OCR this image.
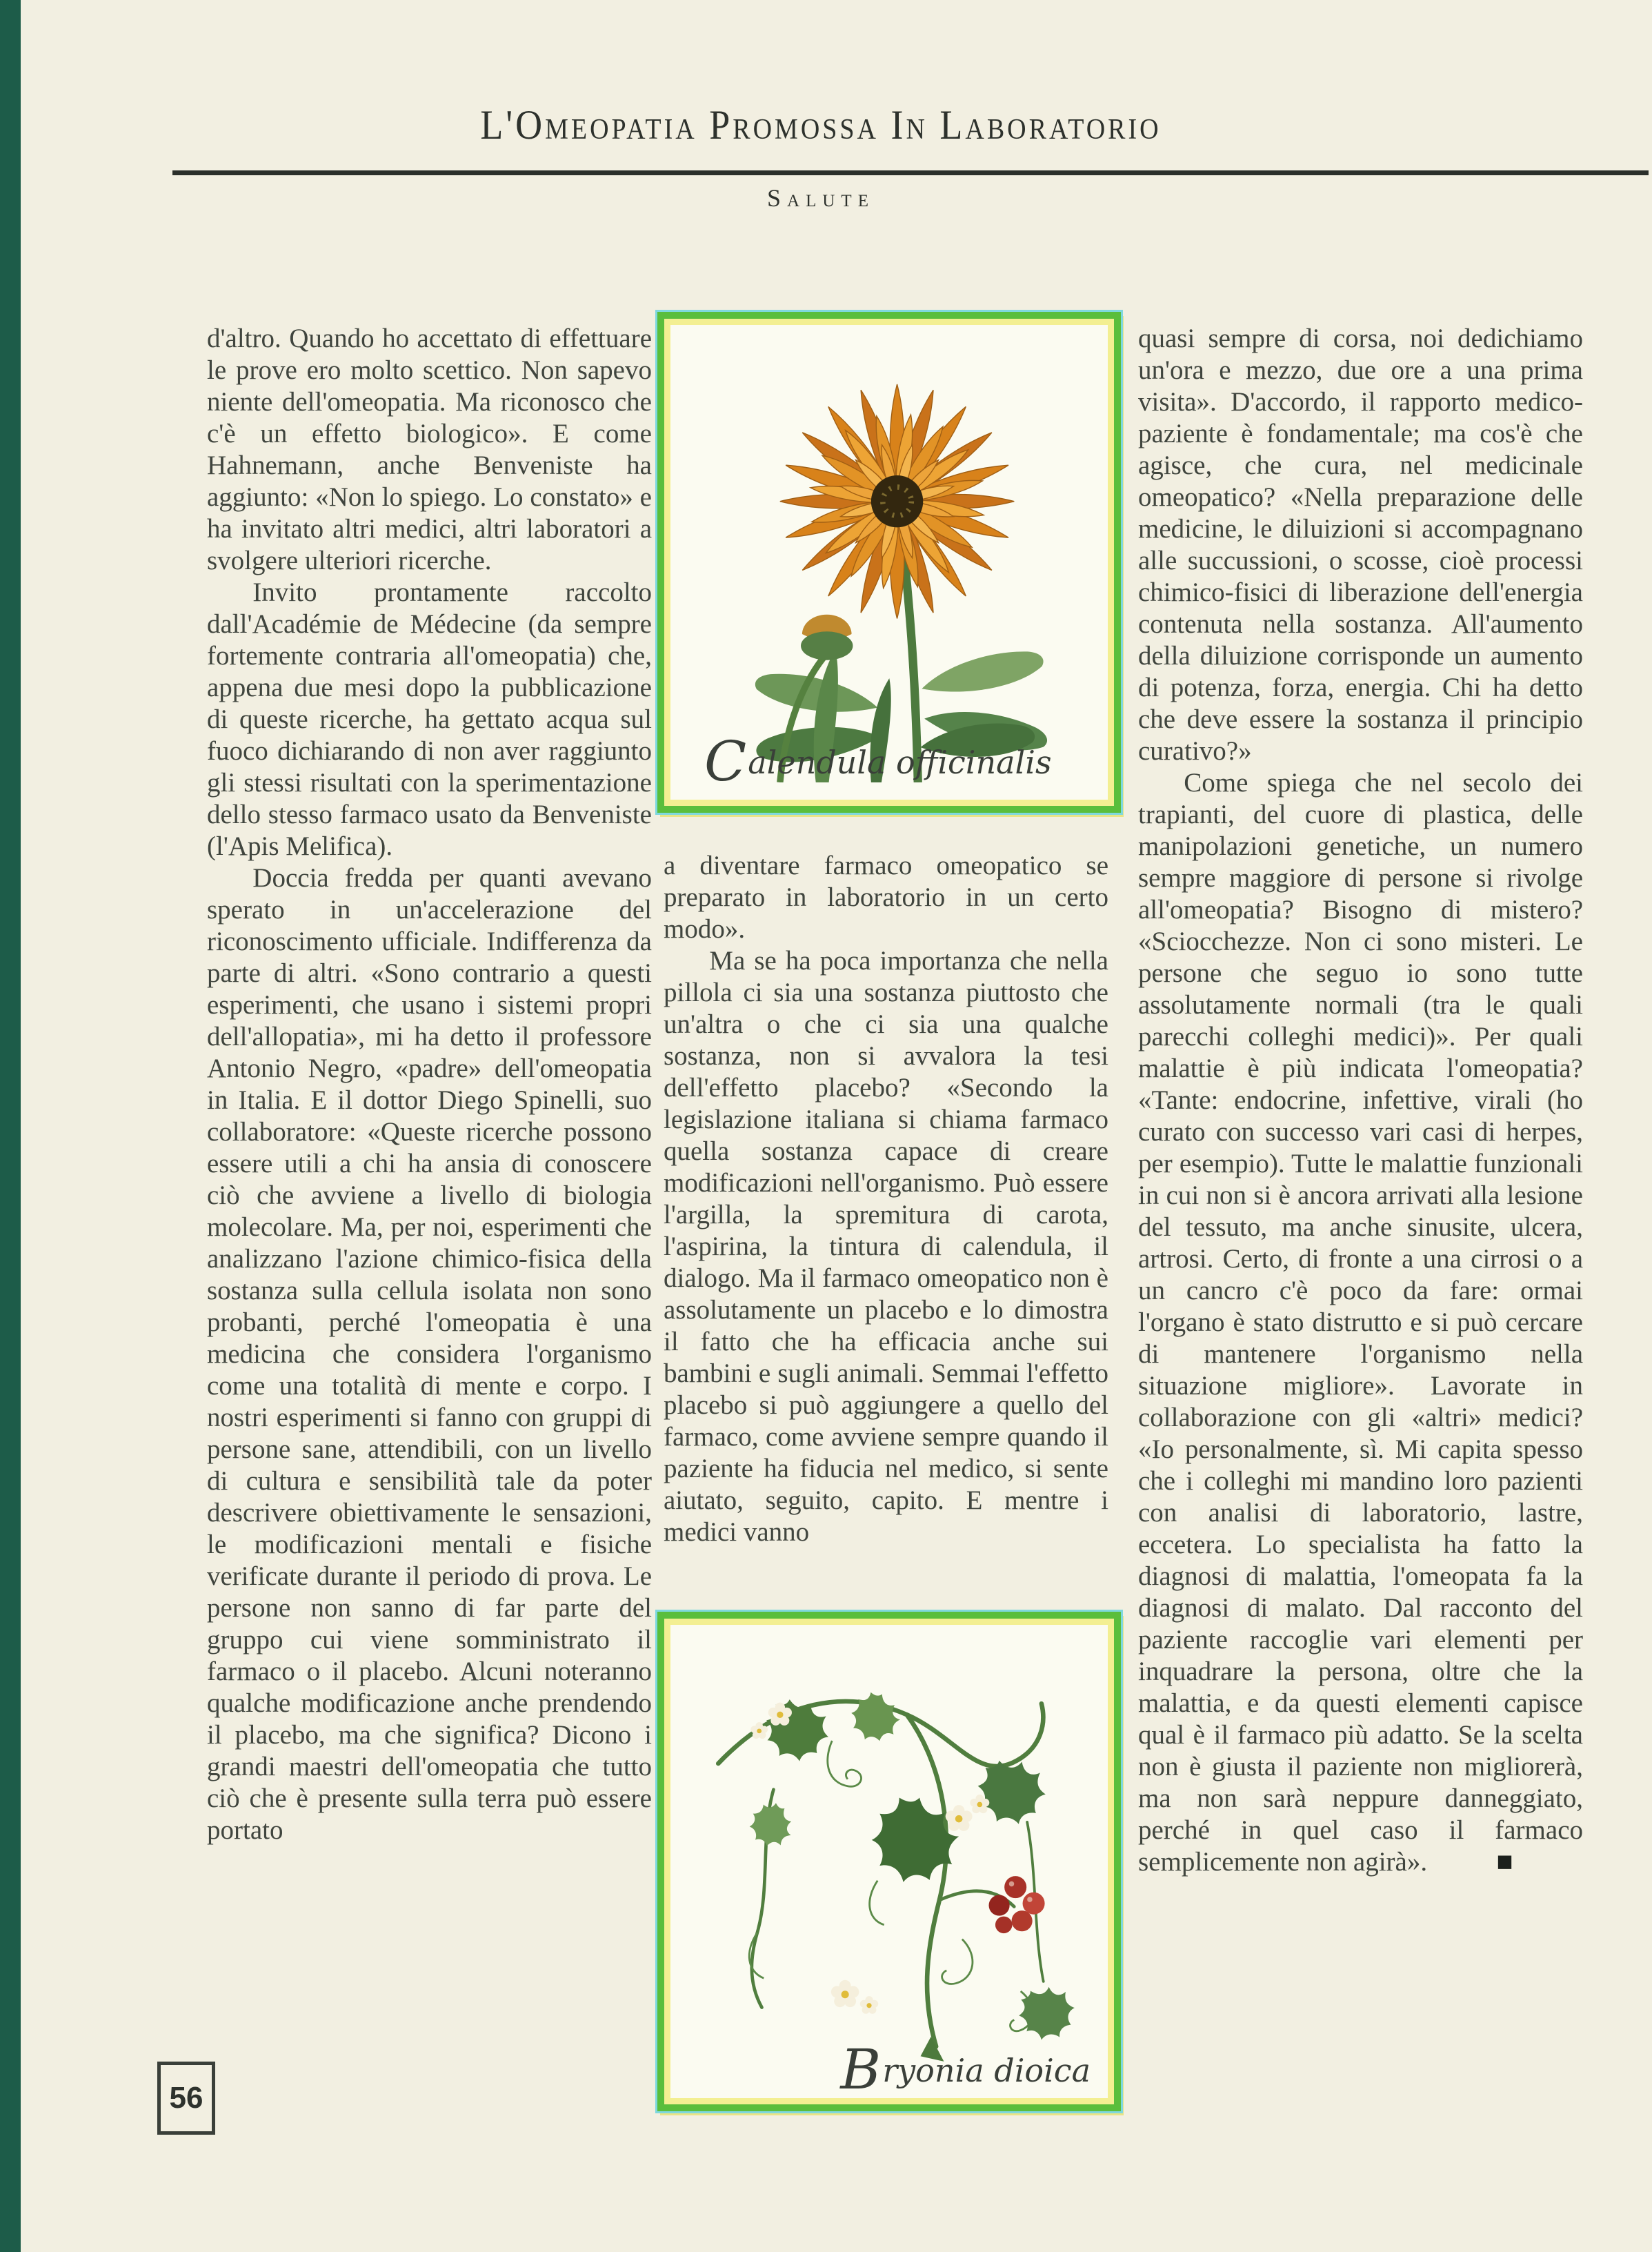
L'Omeopatia Promossa In Laboratorio
Salute

d'altro. Quando ho accettato di effettuare le prove ero molto scettico. Non sapevo niente dell'omeopatia. Ma riconosco che c'è un effetto biologico». E come Hahnemann, anche Benveniste ha aggiunto: «Non lo spiego. Lo constato» e ha invitato altri medici, altri laboratori a svolgere ulteriori ricerche.

Invito prontamente raccolto dall'Académie de Médecine (da sempre fortemente contraria all'omeopatia) che, appena due mesi dopo la pubblicazione di queste ricerche, ha gettato acqua sul fuoco dichiarando di non aver raggiunto gli stessi risultati con la sperimentazione dello stesso farmaco usato da Benveniste (l'Apis Melifica).

Doccia fredda per quanti avevano sperato in un'accelerazione del riconoscimento ufficiale. Indifferenza da parte di altri. «Sono contrario a questi esperimenti, che usano i sistemi propri dell'allopatia», mi ha detto il professore Antonio Negro, «padre» dell'omeopatia in Italia. E il dottor Diego Spinelli, suo collaboratore: «Queste ricerche possono essere utili a chi ha ansia di conoscere ciò che avviene a livello di biologia molecolare. Ma, per noi, esperimenti che analizzano l'azione chimico-fisica della sostanza sulla cellula isolata non sono probanti, perché l'omeopatia è una medicina che considera l'organismo come una totalità di mente e corpo. I nostri esperimenti si fanno con gruppi di persone sane, attendibili, con un livello di cultura e sensibilità tale da poter descrivere obiettivamente le sensazioni, le modificazioni mentali e fisiche verificate durante il periodo di prova. Le persone non sanno di far parte del gruppo cui viene somministrato il farmaco o il placebo. Alcuni noteranno qualche modificazione anche prendendo il placebo, ma che significa? Dicono i grandi maestri dell'omeopatia che tutto ciò che è presente sulla terra può essere portato

Calendula officinalis

a diventare farmaco omeopatico se preparato in laboratorio in un certo modo».

Ma se ha poca importanza che nella pillola ci sia una sostanza piuttosto che un'altra o che ci sia una qualche sostanza, non si avvalora la tesi dell'effetto placebo? «Secondo la legislazione italiana si chiama farmaco quella sostanza capace di creare modificazioni nell'organismo. Può essere l'argilla, la spremitura di carota, l'aspirina, la tintura di calendula, il dialogo. Ma il farmaco omeopatico non è assolutamente un placebo e lo dimostra il fatto che ha efficacia anche sui bambini e sugli animali. Semmai l'effetto placebo si può aggiungere a quello del farmaco, come avviene sempre quando il paziente ha fiducia nel medico, si sente aiutato, seguito, capito. E mentre i medici vanno

Bryonia dioica

quasi sempre di corsa, noi dedichiamo un'ora e mezzo, due ore a una prima visita». D'accordo, il rapporto medico-paziente è fondamentale; ma cos'è che agisce, che cura, nel medicinale omeopatico? «Nella preparazione delle medicine, le diluizioni si accompagnano alle succussioni, o scosse, cioè processi chimico-fisici di liberazione dell'energia contenuta nella sostanza. All'aumento della diluizione corrisponde un aumento di potenza, forza, energia. Chi ha detto che deve essere la sostanza il principio curativo?»

Come spiega che nel secolo dei trapianti, del cuore di plastica, delle manipolazioni genetiche, un numero sempre maggiore di persone si rivolge all'omeopatia? Bisogno di mistero? «Sciocchezze. Non ci sono misteri. Le persone che seguo io sono tutte assolutamente normali (tra le quali parecchi colleghi medici)». Per quali malattie è più indicata l'omeopatia? «Tante: endocrine, infettive, virali (ho curato con successo vari casi di herpes, per esempio). Tutte le malattie funzionali in cui non si è ancora arrivati alla lesione del tessuto, ma anche sinusite, ulcera, artrosi. Certo, di fronte a una cirrosi o a un cancro c'è poco da fare: ormai l'organo è stato distrutto e si può cercare di mantenere l'organismo nella situazione migliore». Lavorate in collaborazione con gli «altri» medici? «Io personalmente, sì. Mi capita spesso che i colleghi mi mandino loro pazienti con analisi di laboratorio, lastre, eccetera. Lo specialista ha fatto la diagnosi di malattia, l'omeopata fa la diagnosi di malato. Dal racconto del paziente raccoglie vari elementi per inquadrare la persona, oltre che la malattia, e da questi elementi capisce qual è il farmaco più adatto. Se la scelta non è giusta il paziente non migliorerà, ma non sarà neppure danneggiato, perché in quel caso il farmaco semplicemente non agirà».	■

56
